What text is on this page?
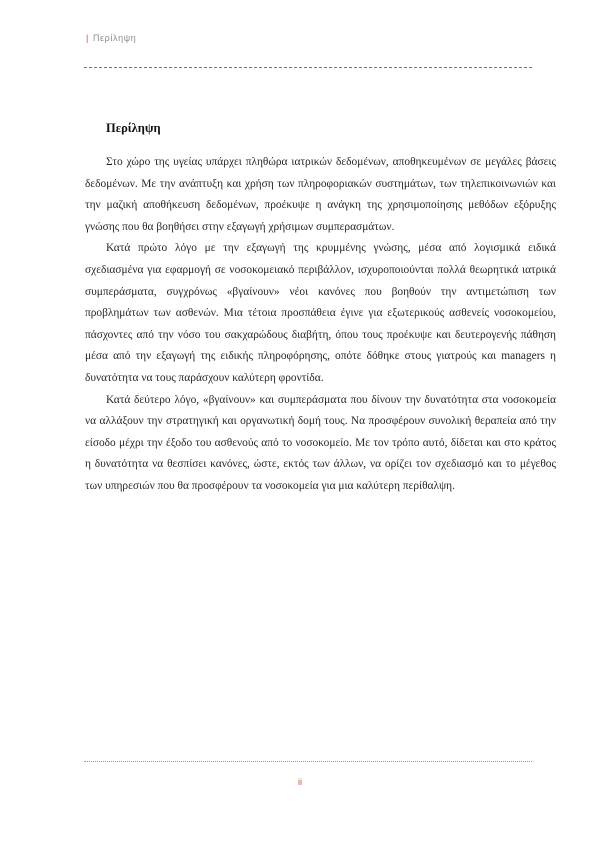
| Περίληψη
Περίληψη

Στο χώρο της υγείας υπάρχει πληθώρα ιατρικών δεδομένων, αποθηκευμένων σε μεγάλες βάσεις δεδομένων. Με την ανάπτυξη και χρήση των πληροφοριακών συστημάτων, των τηλεπικοινωνιών και την μαζική αποθήκευση δεδομένων, προέκυψε η ανάγκη της χρησιμοποίησης μεθόδων εξόρυξης γνώσης που θα βοηθήσει στην εξαγωγή χρήσιμων συμπερασμάτων.

Κατά πρώτο λόγο με την εξαγωγή της κρυμμένης γνώσης, μέσα από λογισμικά ειδικά σχεδιασμένα για εφαρμογή σε νοσοκομειακό περιβάλλον, ισχυροποιούνται πολλά θεωρητικά ιατρικά συμπεράσματα, συγχρόνως «βγαίνουν» νέοι κανόνες που βοηθούν την αντιμετώπιση των προβλημάτων των ασθενών. Μια τέτοια προσπάθεια έγινε για εξωτερικούς ασθενείς νοσοκομείου, πάσχοντες από την νόσο του σακχαρώδους διαβήτη, όπου τους προέκυψε και δευτερογενής πάθηση μέσα από την εξαγωγή της ειδικής πληροφόρησης, οπότε δόθηκε στους γιατρούς και managers η δυνατότητα να τους παράσχουν καλύτερη φροντίδα.

Κατά δεύτερο λόγο, «βγαίνουν» και συμπεράσματα που δίνουν την δυνατότητα στα νοσοκομεία να αλλάξουν την στρατηγική και οργανωτική δομή τους. Να προσφέρουν συνολική θεραπεία από την είσοδο μέχρι την έξοδο του ασθενούς από το νοσοκομείο. Με τον τρόπο αυτό, δίδεται και στο κράτος η δυνατότητα να θεσπίσει κανόνες, ώστε, εκτός των άλλων, να ορίζει τον σχεδιασμό και το μέγεθος των υπηρεσιών που θα προσφέρουν τα νοσοκομεία για μια καλύτερη περίθαλψη.

ii
